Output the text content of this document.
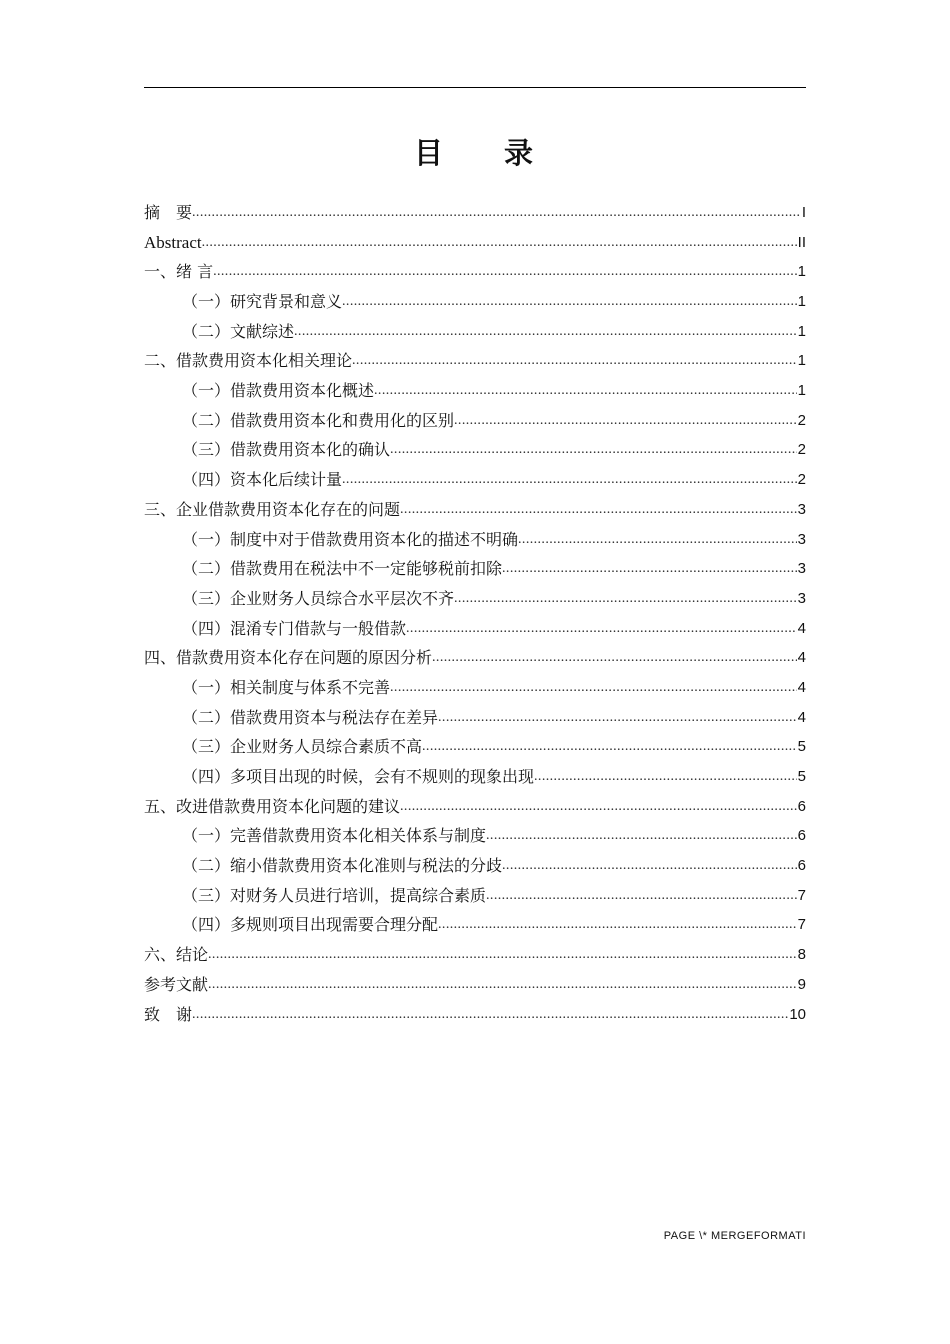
目 录
摘　要 .....	I
Abstract .....	II
一、绪 言 .....	1
（一）研究背景和意义 .....	1
（二）文献综述 .....	1
二、借款费用资本化相关理论 .....	1
（一）借款费用资本化概述 .....	1
（二）借款费用资本化和费用化的区别 .....	2
（三）借款费用资本化的确认 .....	2
（四）资本化后续计量 .....	2
三、企业借款费用资本化存在的问题 .....	3
（一）制度中对于借款费用资本化的描述不明确 .....	3
（二）借款费用在税法中不一定能够税前扣除 .....	3
（三）企业财务人员综合水平层次不齐 .....	3
（四）混淆专门借款与一般借款 .....	4
四、借款费用资本化存在问题的原因分析 .....	4
（一）相关制度与体系不完善 .....	4
（二）借款费用资本与税法存在差异 .....	4
（三）企业财务人员综合素质不高 .....	5
（四）多项目出现的时候，会有不规则的现象出现 .....	5
五、改进借款费用资本化问题的建议 .....	6
（一）完善借款费用资本化相关体系与制度 .....	6
（二）缩小借款费用资本化准则与税法的分歧 .....	6
（三）对财务人员进行培训，提高综合素质 .....	7
（四）多规则项目出现需要合理分配 .....	7
六、结论 .....	8
参考文献 .....	9
致　谢 .....	10
PAGE \* MERGEFORMATI
